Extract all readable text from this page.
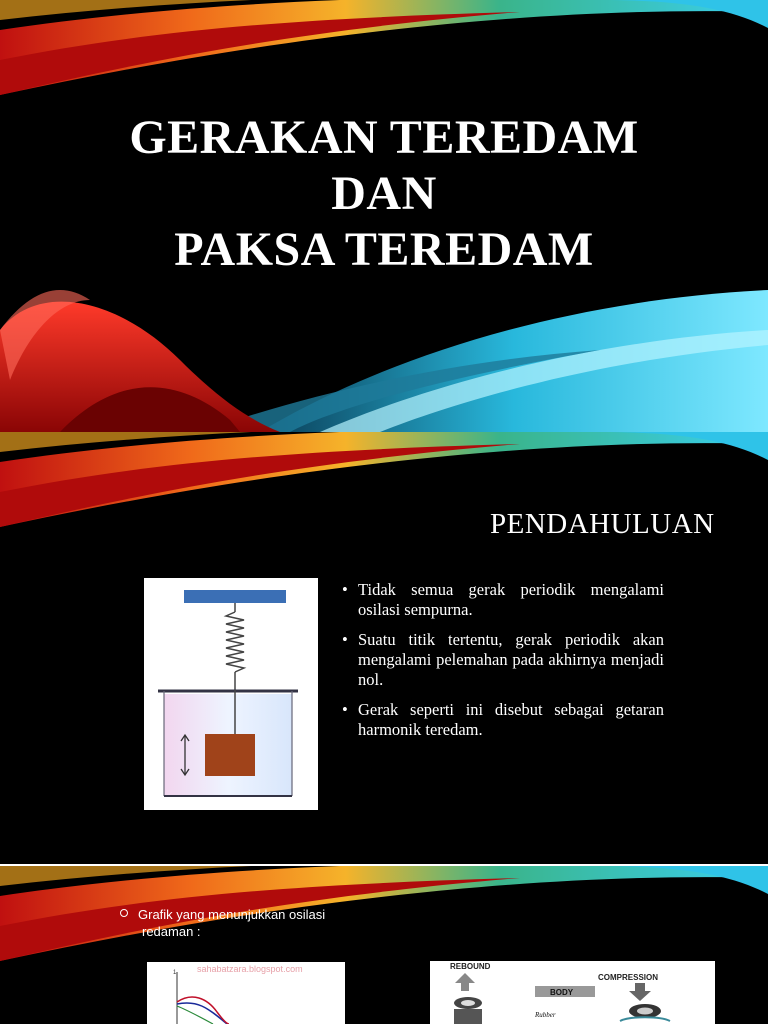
GERAKAN TEREDAM
DAN
PAKSA TEREDAM
PENDAHULUAN
• Tidak semua gerak periodik mengalami osilasi sempurna.
• Suatu titik tertentu, gerak periodik akan mengalami pelemahan pada akhirnya menjadi nol.
• Gerak seperti ini disebut sebagai getaran harmonik teredam.
Grafik yang menunjukkan osilasi
redaman :
sahabatzara.blogspot.com
1
REBOUND
COMPRESSION
BODY
Rubber
